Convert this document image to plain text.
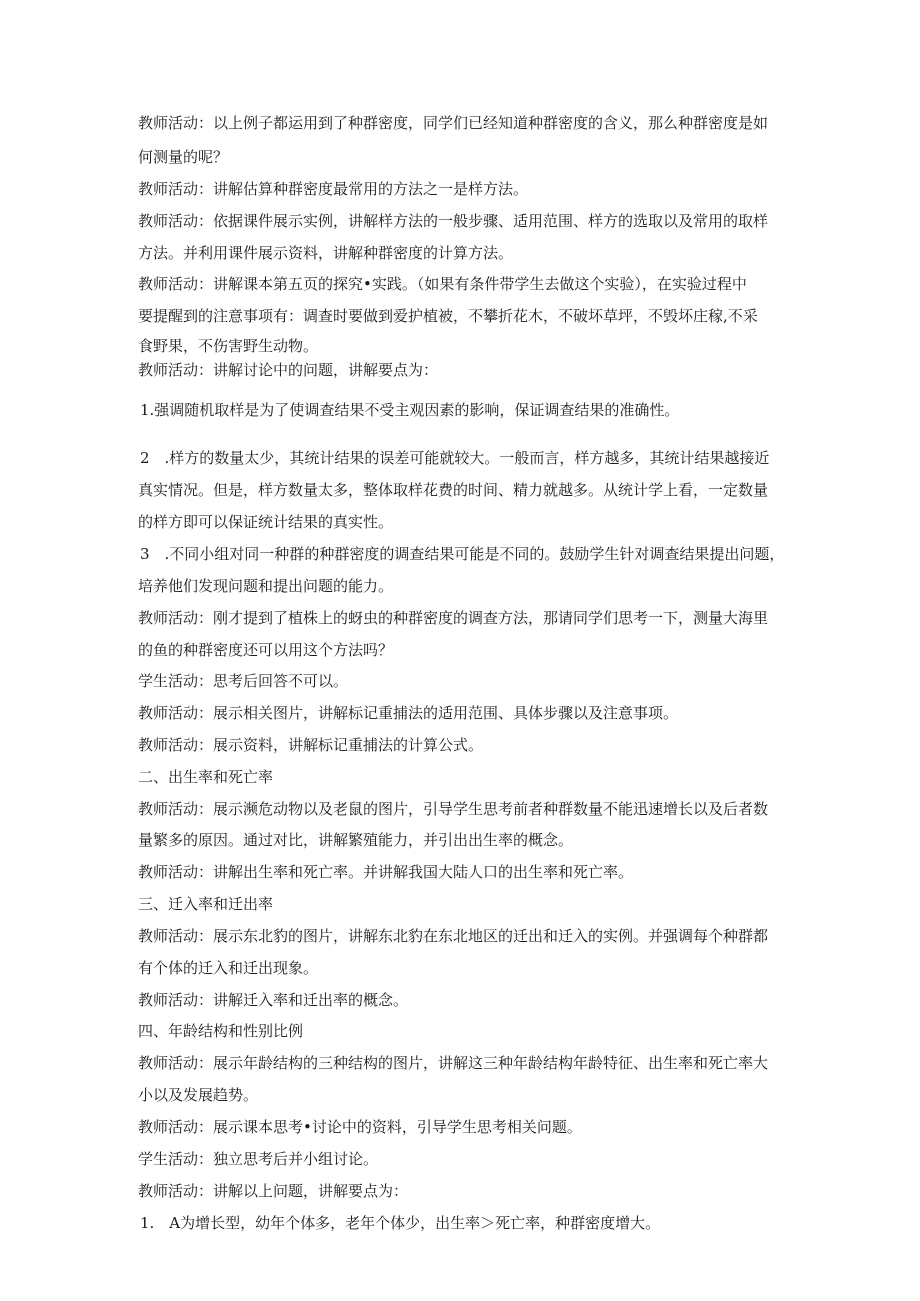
教师活动：以上例子都运用到了种群密度，同学们已经知道种群密度的含义，那么种群密度是如
何测量的呢？
教师活动：讲解估算种群密度最常用的方法之一是样方法。
教师活动：依据课件展示实例，讲解样方法的一般步骤、适用范围、样方的选取以及常用的取样
方法。并利用课件展示资料，讲解种群密度的计算方法。
教师活动：讲解课本第五页的探究•实践。（如果有条件带学生去做这个实验），在实验过程中
要提醒到的注意事项有：调查时要做到爱护植被，不攀折花木，不破坏草坪，不毁坏庄稼,不采
食野果，不伤害野生动物。
教师活动：讲解讨论中的问题，讲解要点为：
1.强调随机取样是为了使调查结果不受主观因素的影响，保证调查结果的准确性。
2　.样方的数量太少，其统计结果的误差可能就较大。一般而言，样方越多，其统计结果越接近
真实情况。但是，样方数量太多，整体取样花费的时间、精力就越多。从统计学上看，一定数量
的样方即可以保证统计结果的真实性。
3　.不同小组对同一种群的种群密度的调查结果可能是不同的。鼓励学生针对调查结果提出问题，
培养他们发现问题和提出问题的能力。
教师活动：刚才提到了植株上的蚜虫的种群密度的调查方法，那请同学们思考一下，测量大海里
的鱼的种群密度还可以用这个方法吗？
学生活动：思考后回答不可以。
教师活动：展示相关图片，讲解标记重捕法的适用范围、具体步骤以及注意事项。
教师活动：展示资料，讲解标记重捕法的计算公式。
二、出生率和死亡率
教师活动：展示濒危动物以及老鼠的图片，引导学生思考前者种群数量不能迅速增长以及后者数
量繁多的原因。通过对比，讲解繁殖能力，并引出出生率的概念。
教师活动：讲解出生率和死亡率。并讲解我国大陆人口的出生率和死亡率。
三、迁入率和迁出率
教师活动：展示东北豹的图片，讲解东北豹在东北地区的迁出和迁入的实例。并强调每个种群都
有个体的迁入和迁出现象。
教师活动：讲解迁入率和迁出率的概念。
四、年龄结构和性别比例
教师活动：展示年龄结构的三种结构的图片，讲解这三种年龄结构年龄特征、出生率和死亡率大
小以及发展趋势。
教师活动：展示课本思考•讨论中的资料，引导学生思考相关问题。
学生活动：独立思考后并小组讨论。
教师活动：讲解以上问题，讲解要点为：
1.　A为增长型，幼年个体多，老年个体少，出生率＞死亡率，种群密度增大。
